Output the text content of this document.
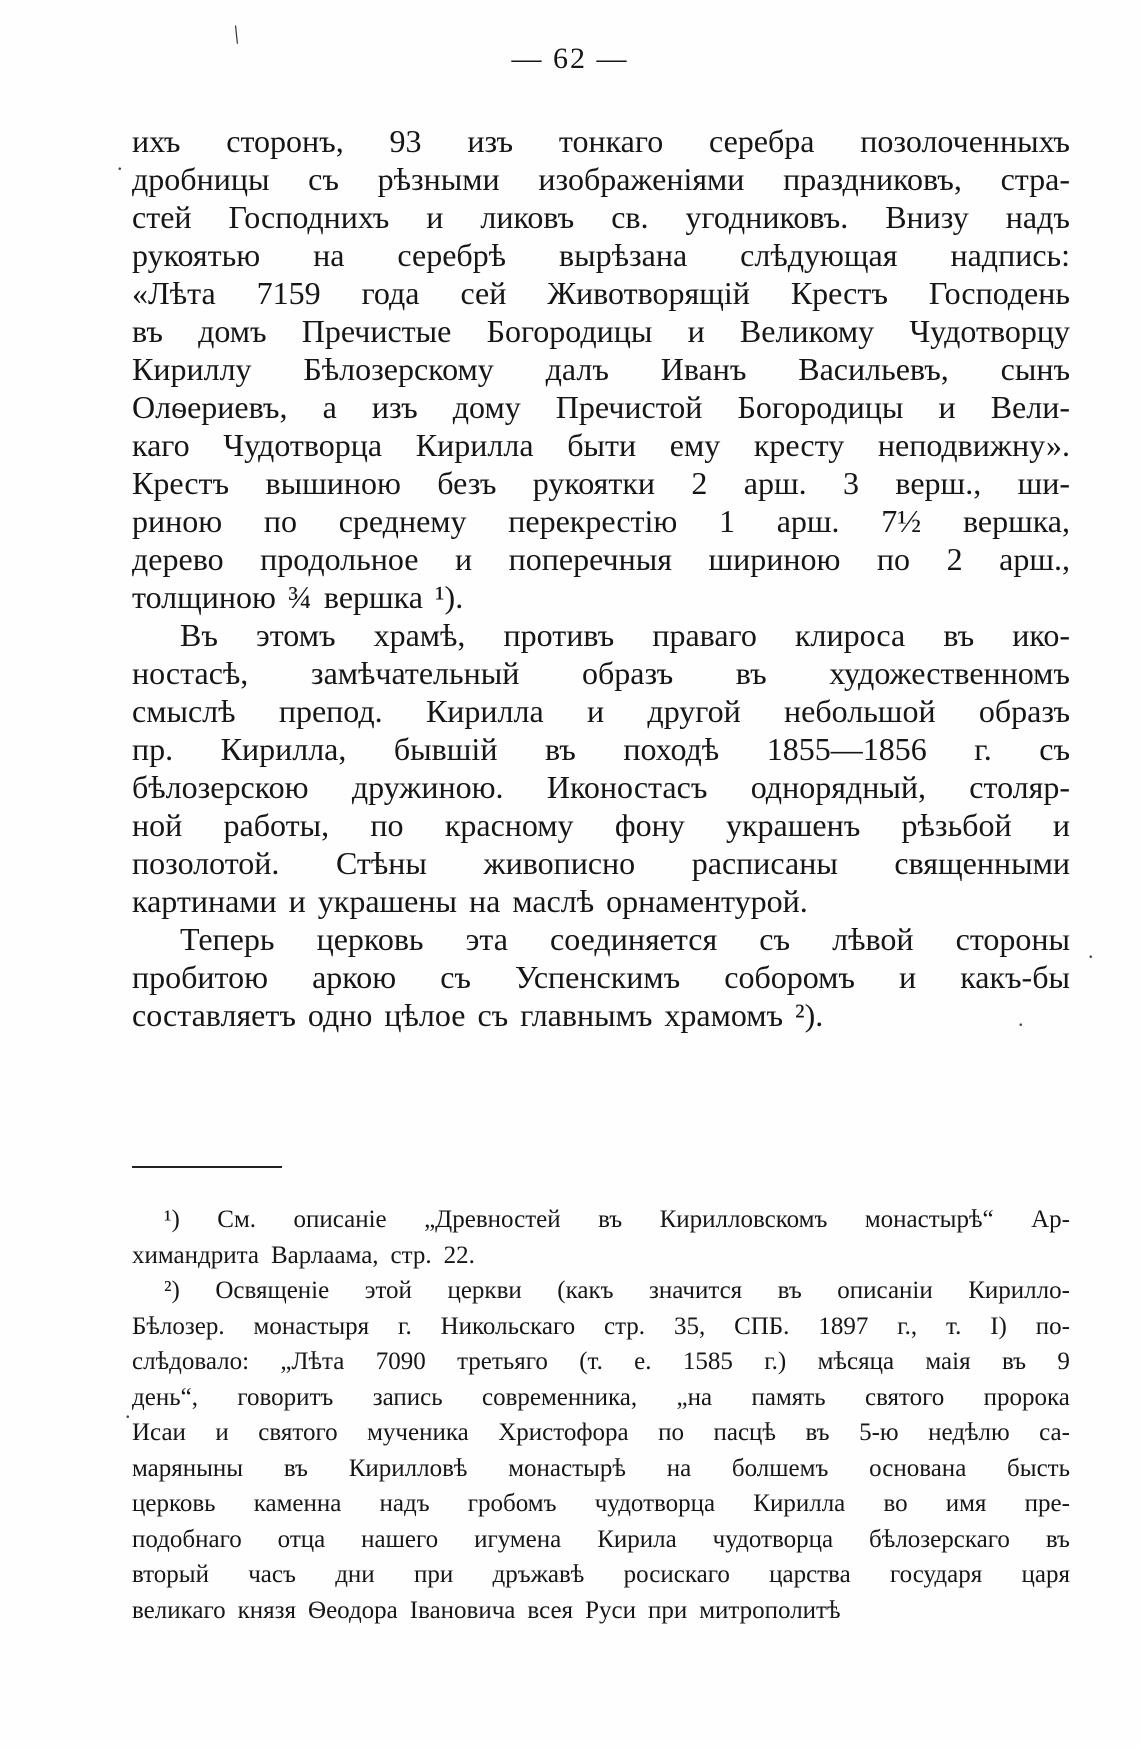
/
— 62 —
.
.
.
.
ихъ сторонъ, 93 изъ тонкаго серебра позолоченныхъ
дробницы съ рѣзными изображеніями праздниковъ, стра-
стей Господнихъ и ликовъ св. угодниковъ. Внизу надъ
рукоятью на серебрѣ вырѣзана слѣдующая надпись:
«Лѣта 7159 года сей Животворящій Крестъ Господень
въ домъ Пречистые Богородицы и Великому Чудотворцу
Кириллу Бѣлозерскому далъ Иванъ Васильевъ, сынъ
Олѳериевъ, а изъ дому Пречистой Богородицы и Вели-
каго Чудотворца Кирилла быти ему кресту неподвижну».
Крестъ вышиною безъ рукоятки 2 арш. 3 верш., ши-
риною по среднему перекрестію 1 арш. 7½ вершка,
дерево продольное и поперечныя шириною по 2 арш.,
толщиною ¾ вершка ¹).
Въ этомъ храмѣ, противъ праваго клироса въ ико-
ностасѣ, замѣчательный образъ въ художественномъ
смыслѣ препод. Кирилла и другой небольшой образъ
пр. Кирилла, бывшій въ походѣ 1855—1856 г. съ
бѣлозерскою дружиною. Иконостасъ однорядный, столяр-
ной работы, по красному фону украшенъ рѣзьбой и
позолотой. Стѣны живописно расписаны священными
картинами и украшены на маслѣ орнаментурой.
Теперь церковь эта соединяется съ лѣвой стороны
пробитою аркою съ Успенскимъ соборомъ и какъ-бы
составляетъ одно цѣлое съ главнымъ храмомъ ²).
¹) См. описаніе „Древностей въ Кирилловскомъ монастырѣ“ Ар-
химандрита Варлаама, стр. 22.
²) Освященіе этой церкви (какъ значится въ описаніи Кирилло-
Бѣлозер. монастыря г. Никольскаго стр. 35, СПБ. 1897 г., т. I) по-
слѣдовало: „Лѣта 7090 третьяго (т. е. 1585 г.) мѣсяца маія въ 9
день“, говоритъ запись современника, „на память святого пророка
Исаи и святого мученика Христофора по пасцѣ въ 5-ю недѣлю са-
маряныны въ Кирилловѣ монастырѣ на болшемъ основана бысть
церковь каменна надъ гробомъ чудотворца Кирилла во имя пре-
подобнаго отца нашего игумена Кирила чудотворца бѣлозерскаго въ
вторый часъ дни при дръжавѣ росискаго царства государя царя
великаго князя Ѳеодора Івановича всея Руси при митрополитѣ
